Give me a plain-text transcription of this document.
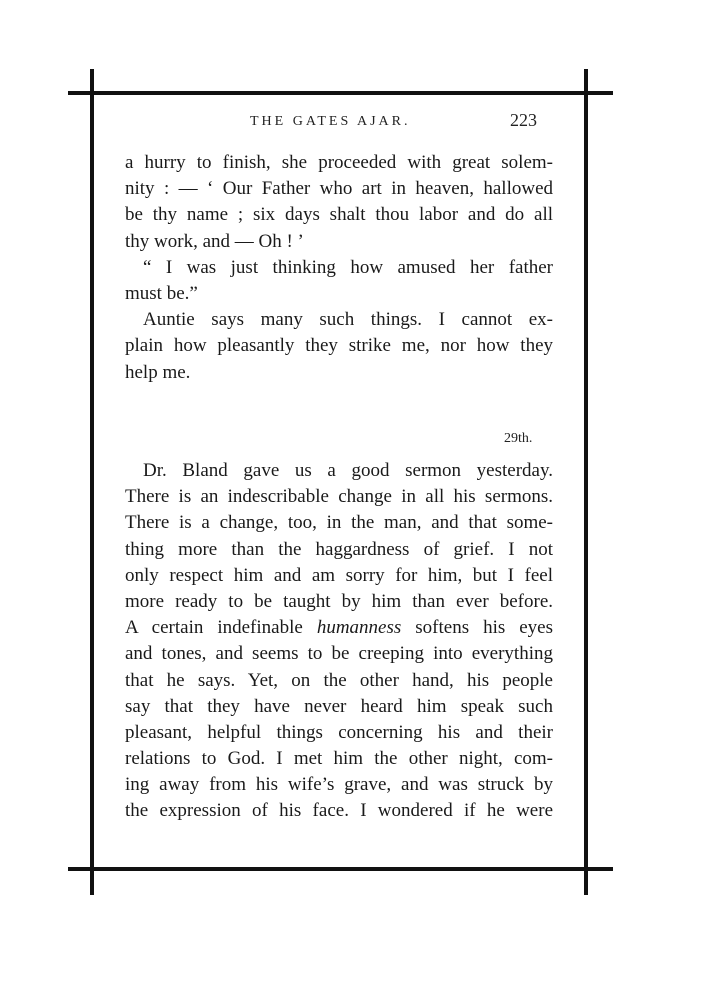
THE GATES AJAR.	223
a hurry to finish, she proceeded with great solem-
nity : — ‘ Our Father who art in heaven, hallowed
be thy name ; six days shalt thou labor and do all
thy work, and — Oh ! ’
“ I was just thinking how amused her father
must be.”
Auntie says many such things. I cannot ex-
plain how pleasantly they strike me, nor how they
help me.
29th.
Dr. Bland gave us a good sermon yesterday.
There is an indescribable change in all his sermons.
There is a change, too, in the man, and that some-
thing more than the haggardness of grief. I not
only respect him and am sorry for him, but I feel
more ready to be taught by him than ever before.
A certain indefinable humanness softens his eyes
and tones, and seems to be creeping into everything
that he says. Yet, on the other hand, his people
say that they have never heard him speak such
pleasant, helpful things concerning his and their
relations to God. I met him the other night, com-
ing away from his wife’s grave, and was struck by
the expression of his face. I wondered if he were
